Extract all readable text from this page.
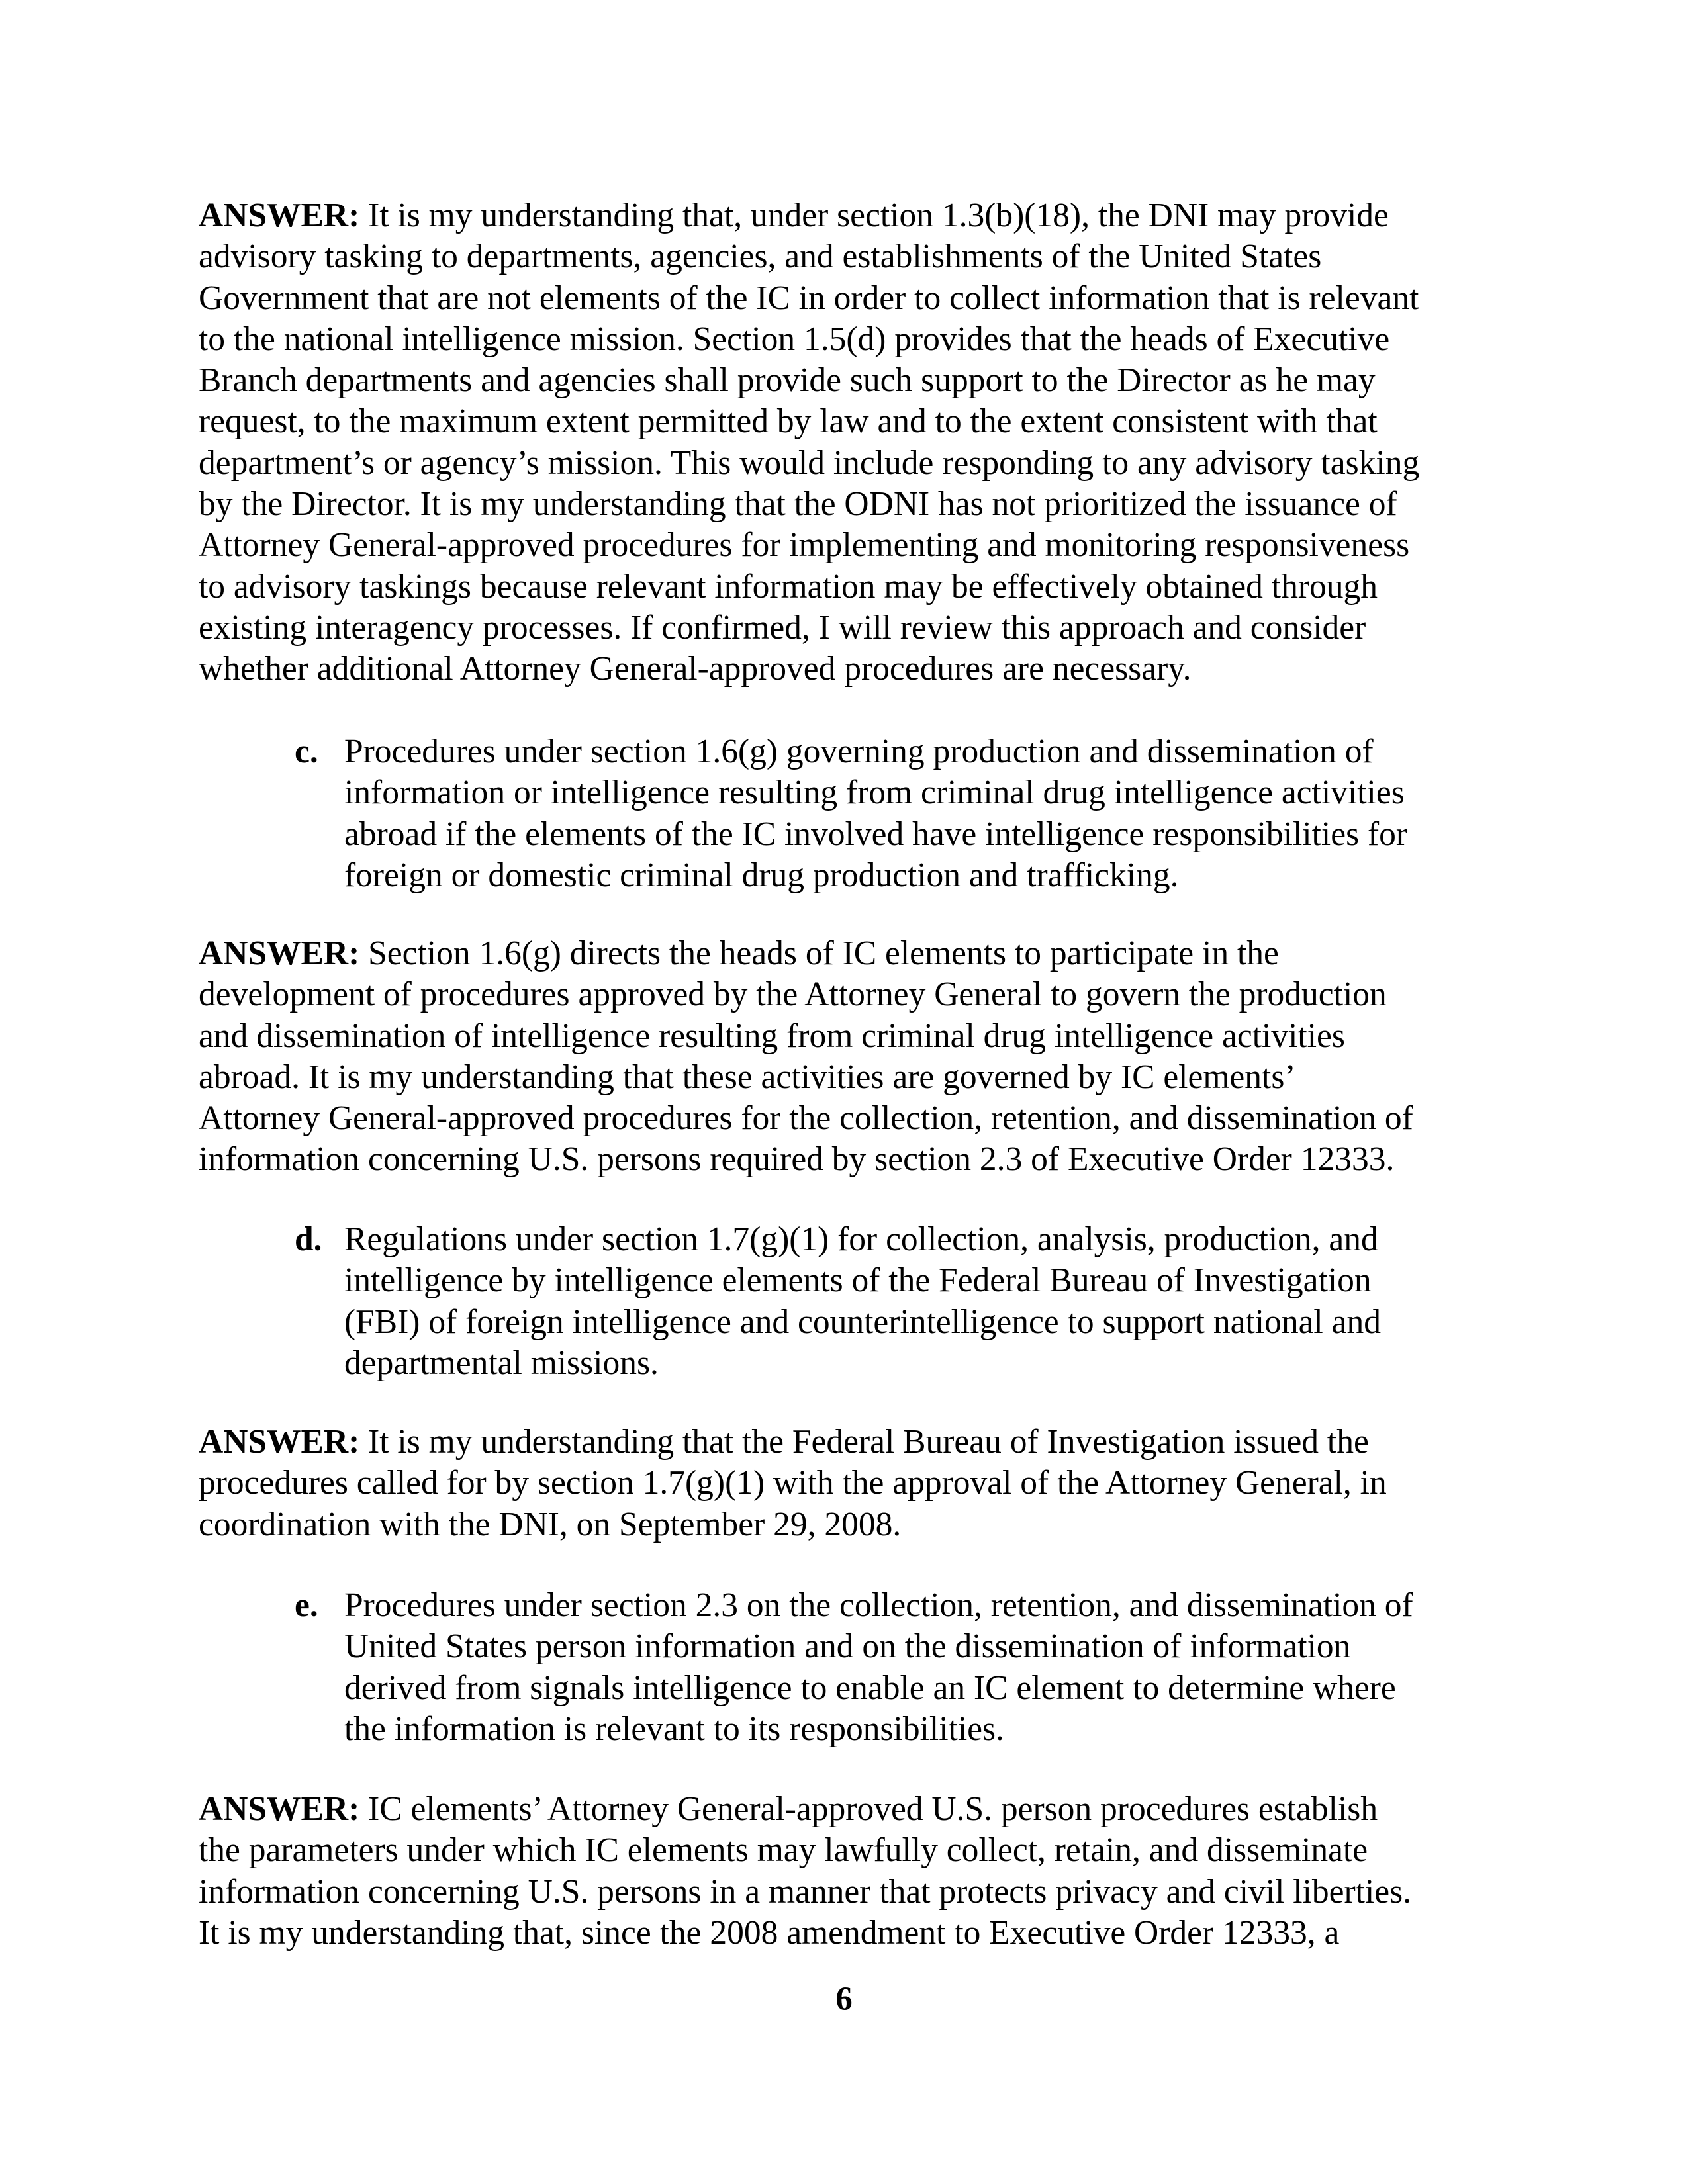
ANSWER: It is my understanding that, under section 1.3(b)(18), the DNI may provide
advisory tasking to departments, agencies, and establishments of the United States
Government that are not elements of the IC in order to collect information that is relevant
to the national intelligence mission. Section 1.5(d) provides that the heads of Executive
Branch departments and agencies shall provide such support to the Director as he may
request, to the maximum extent permitted by law and to the extent consistent with that
department’s or agency’s mission. This would include responding to any advisory tasking
by the Director. It is my understanding that the ODNI has not prioritized the issuance of
Attorney General-approved procedures for implementing and monitoring responsiveness
to advisory taskings because relevant information may be effectively obtained through
existing interagency processes. If confirmed, I will review this approach and consider
whether additional Attorney General-approved procedures are necessary.
c. Procedures under section 1.6(g) governing production and dissemination of
information or intelligence resulting from criminal drug intelligence activities
abroad if the elements of the IC involved have intelligence responsibilities for
foreign or domestic criminal drug production and trafficking.
ANSWER: Section 1.6(g) directs the heads of IC elements to participate in the
development of procedures approved by the Attorney General to govern the production
and dissemination of intelligence resulting from criminal drug intelligence activities
abroad. It is my understanding that these activities are governed by IC elements’
Attorney General-approved procedures for the collection, retention, and dissemination of
information concerning U.S. persons required by section 2.3 of Executive Order 12333.
d. Regulations under section 1.7(g)(1) for collection, analysis, production, and
intelligence by intelligence elements of the Federal Bureau of Investigation
(FBI) of foreign intelligence and counterintelligence to support national and
departmental missions.
ANSWER: It is my understanding that the Federal Bureau of Investigation issued the
procedures called for by section 1.7(g)(1) with the approval of the Attorney General, in
coordination with the DNI, on September 29, 2008.
e. Procedures under section 2.3 on the collection, retention, and dissemination of
United States person information and on the dissemination of information
derived from signals intelligence to enable an IC element to determine where
the information is relevant to its responsibilities.
ANSWER: IC elements’ Attorney General-approved U.S. person procedures establish
the parameters under which IC elements may lawfully collect, retain, and disseminate
information concerning U.S. persons in a manner that protects privacy and civil liberties.
It is my understanding that, since the 2008 amendment to Executive Order 12333, a
6
